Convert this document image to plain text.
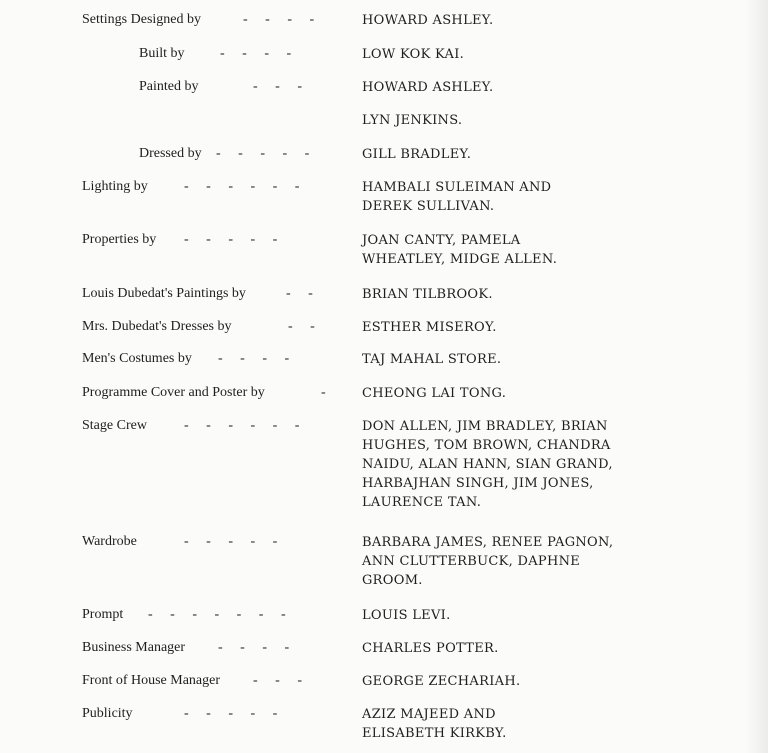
Settings Designed by	- - - -	HOWARD ASHLEY.
Built by	- - - -	LOW KOK KAI.
Painted by	- - -	HOWARD ASHLEY.
LYN JENKINS.
Dressed by	- - - - -	GILL BRADLEY.
Lighting by	- - - - - -	HAMBALI SULEIMAN AND
DEREK SULLIVAN.
Properties by	- - - - -	JOAN CANTY, PAMELA
WHEATLEY, MIDGE ALLEN.
Louis Dubedat's Paintings by	- -	BRIAN TILBROOK.
Mrs. Dubedat's Dresses by	- -	ESTHER MISEROY.
Men's Costumes by	- - - -	TAJ MAHAL STORE.
Programme Cover and Poster by	-	CHEONG LAI TONG.
Stage Crew	- - - - - -	DON ALLEN, JIM BRADLEY, BRIAN
HUGHES, TOM BROWN, CHANDRA
NAIDU, ALAN HANN, SIAN GRAND,
HARBAJHAN SINGH, JIM JONES,
LAURENCE TAN.
Wardrobe	- - - - -	BARBARA JAMES, RENEE PAGNON,
ANN CLUTTERBUCK, DAPHNE
GROOM.
Prompt	- - - - - - -	LOUIS LEVI.
Business Manager	- - - -	CHARLES POTTER.
Front of House Manager	- - -	GEORGE ZECHARIAH.
Publicity	- - - - -	AZIZ MAJEED AND
ELISABETH KIRKBY.
